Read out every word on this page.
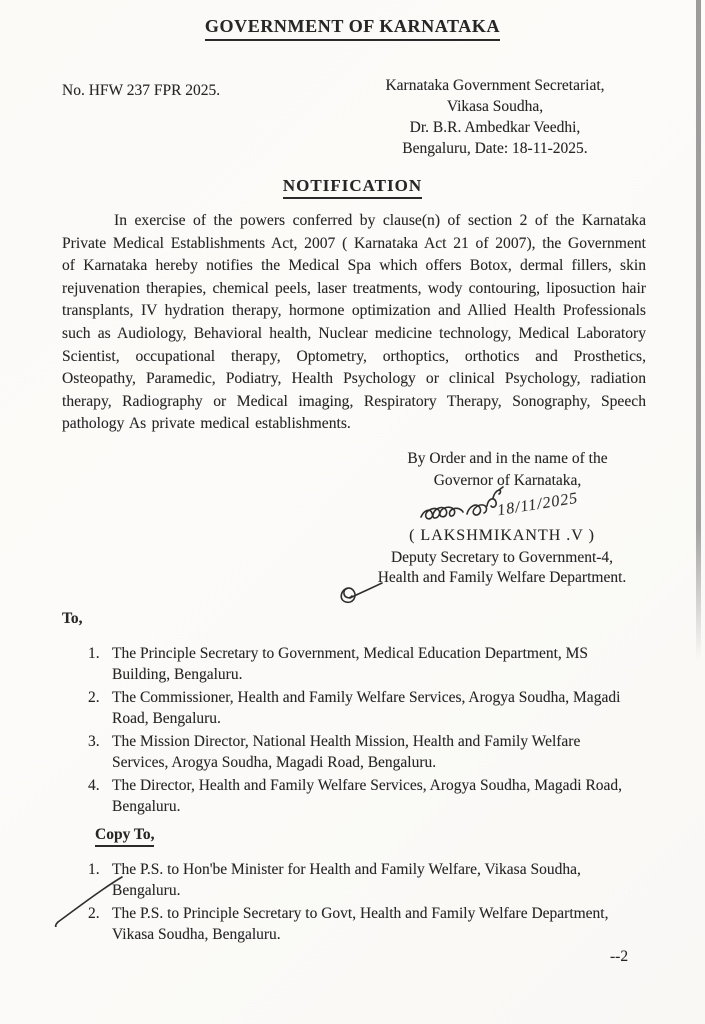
GOVERNMENT OF KARNATAKA
No. HFW 237 FPR 2025.	Karnataka Government Secretariat,
Vikasa Soudha,
Dr. B.R. Ambedkar Veedhi,
Bengaluru, Date: 18-11-2025.
NOTIFICATION
In exercise of the powers conferred by clause(n) of section 2 of the Karnataka Private Medical Establishments Act, 2007 ( Karnataka Act 21 of 2007), the Government of Karnataka hereby notifies the Medical Spa which offers Botox, dermal fillers, skin rejuvenation therapies, chemical peels, laser treatments, wody contouring, liposuction hair transplants, IV hydration therapy, hormone optimization and Allied Health Professionals such as Audiology, Behavioral health, Nuclear medicine technology, Medical Laboratory Scientist, occupational therapy, Optometry, orthoptics, orthotics and Prosthetics, Osteopathy, Paramedic, Podiatry, Health Psychology or clinical Psychology, radiation therapy, Radiography or Medical imaging, Respiratory Therapy, Sonography, Speech pathology As private medical establishments.
By Order and in the name of the
Governor of Karnataka,
18/11/2025
( LAKSHMIKANTH .V )
Deputy Secretary to Government-4,
Health and Family Welfare Department.
To,
1. The Principle Secretary to Government, Medical Education Department, MS Building, Bengaluru.
2. The Commissioner, Health and Family Welfare Services, Arogya Soudha, Magadi Road, Bengaluru.
3. The Mission Director, National Health Mission, Health and Family Welfare Services, Arogya Soudha, Magadi Road, Bengaluru.
4. The Director, Health and Family Welfare Services, Arogya Soudha, Magadi Road, Bengaluru.
Copy To,
1. The P.S. to Hon'be Minister for Health and Family Welfare, Vikasa Soudha, Bengaluru.
2. The P.S. to Principle Secretary to Govt, Health and Family Welfare Department, Vikasa Soudha, Bengaluru.
--2
